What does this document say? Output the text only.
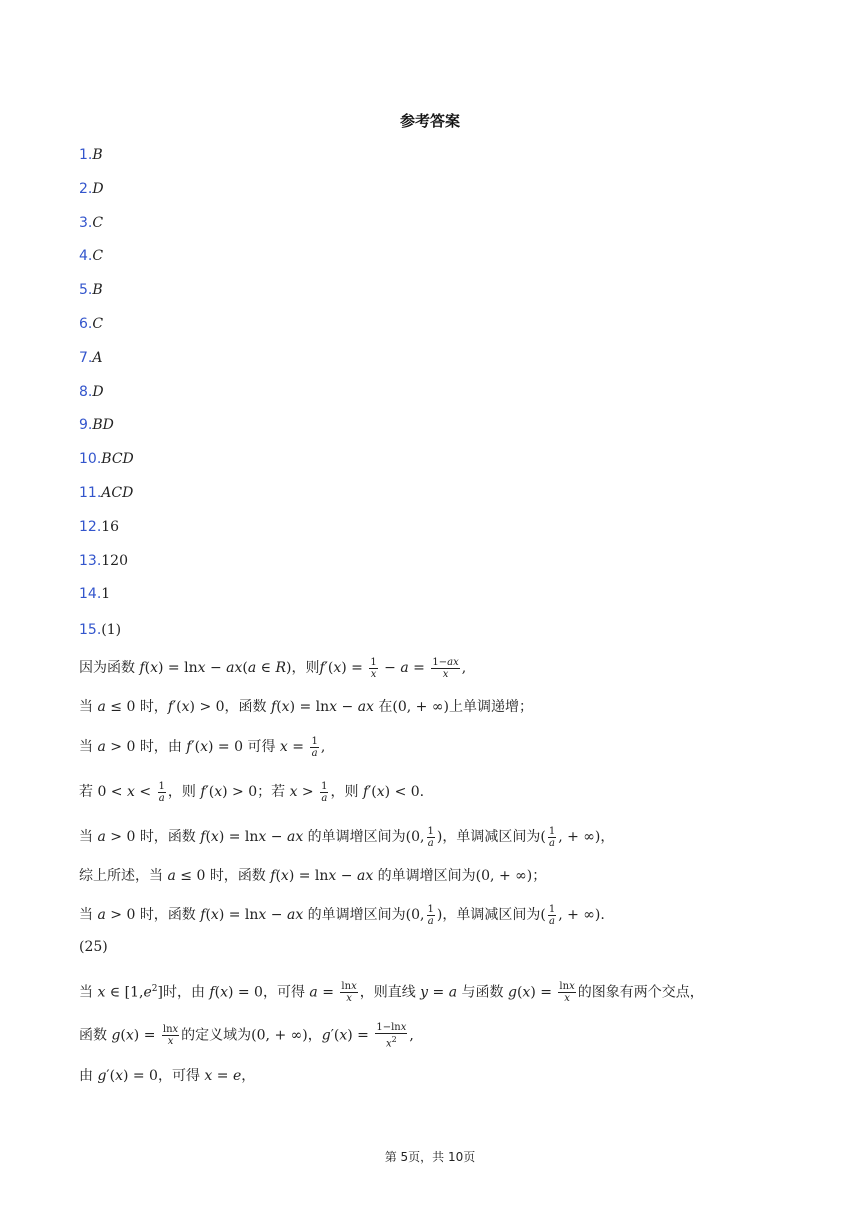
参考答案
1.B
2.D
3.C
4.C
5.B
6.C
7.A
8.D
9.BD
10.BCD
11.ACD
12.16
13.120
14.1
15.(1)
因为函数 f(x) = lnx − ax(a ∈ R)，则$f'(x) = \frac{1}{x} - a = \frac{1-ax}{x}$ ,
当 a ≤ 0 时，f′(x) > 0，函数 f(x) = lnx − ax 在(0, + ∞)上单调递增；
当 a > 0 时，由 f′(x) = 0 可得 $x = \frac{1}{a}$ ,
若 $0 < x < \frac{1}{a}$ ，则 f′(x) > 0；若 $x > \frac{1}{a}$ ，则 f′(x) < 0.
当 a > 0 时，函数 f(x) = lnx − ax 的单调增区间为(0, $\frac{1}{a}$ )，单调减区间为( $\frac{1}{a}$ , + ∞)，
综上所述，当 a ≤ 0 时，函数 f(x) = lnx − ax 的单调增区间为(0, + ∞)；
当 a > 0 时，函数 f(x) = lnx − ax 的单调增区间为(0, $\frac{1}{a}$ )，单调减区间为( $\frac{1}{a}$ , + ∞).
(25)
当 x ∈ $[1,e^2]$时，由 f(x) = 0，可得 $a = \frac{\ln x}{x}$ ，则直线 y = a 与函数 $g(x) = \frac{\ln x}{x}$ 的图象有两个交点，
函数 $g(x) = \frac{\ln x}{x}$ 的定义域为(0, + ∞)，$g'(x) = \frac{1-\ln x}{x^2}$ ,
由 g′(x) = 0，可得 x = e，
第 5页，共 10页
